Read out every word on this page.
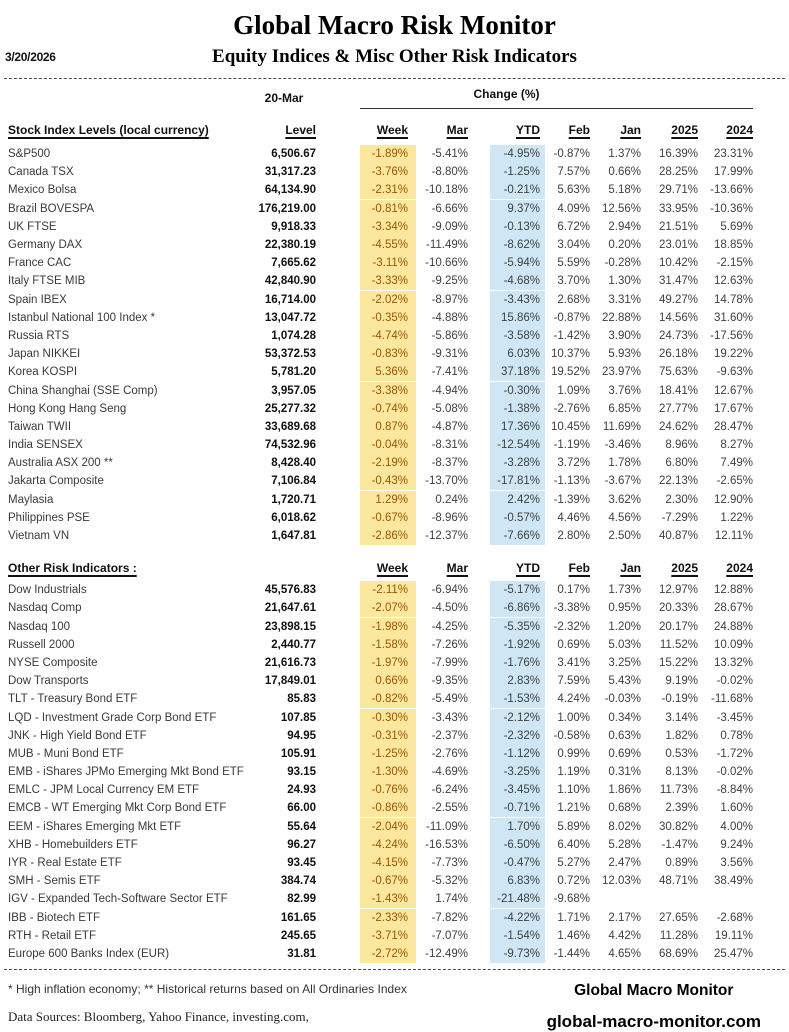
3/20/2026
Global Macro Risk Monitor
Equity Indices & Misc Other Risk Indicators
20-Mar	Change (%)
Stock Index Levels (local currency)	Level	Week	Mar	YTD	Feb	Jan	2025	2024
S&P500	6,506.67	-1.89%	-5.41%	-4.95%	-0.87%	1.37%	16.39%	23.31%
Canada TSX	31,317.23	-3.76%	-8.80%	-1.25%	7.57%	0.66%	28.25%	17.99%
Mexico Bolsa	64,134.90	-2.31%	-10.18%	-0.21%	5.63%	5.18%	29.71%	-13.66%
Brazil BOVESPA	176,219.00	-0.81%	-6.66%	9.37%	4.09%	12.56%	33.95%	-10.36%
UK FTSE	9,918.33	-3.34%	-9.09%	-0.13%	6.72%	2.94%	21.51%	5.69%
Germany DAX	22,380.19	-4.55%	-11.49%	-8.62%	3.04%	0.20%	23.01%	18.85%
France CAC	7,665.62	-3.11%	-10.66%	-5.94%	5.59%	-0.28%	10.42%	-2.15%
Italy FTSE MIB	42,840.90	-3.33%	-9.25%	-4.68%	3.70%	1.30%	31.47%	12.63%
Spain IBEX	16,714.00	-2.02%	-8.97%	-3.43%	2.68%	3.31%	49.27%	14.78%
Istanbul National 100 Index *	13,047.72	-0.35%	-4.88%	15.86%	-0.87%	22.88%	14.56%	31.60%
Russia RTS	1,074.28	-4.74%	-5.86%	-3.58%	-1.42%	3.90%	24.73%	-17.56%
Japan NIKKEI	53,372.53	-0.83%	-9.31%	6.03% 10.37%	5.93%	26.18%	19.22%
Korea KOSPI	5,781.20	5.36%	-7.41%	37.18% 19.52%	23.97%	75.63%	-9.63%
China Shanghai (SSE Comp)	3,957.05	-3.38%	-4.94%	-0.30%	1.09%	3.76%	18.41%	12.67%
Hong Kong Hang Seng	25,277.32	-0.74%	-5.08%	-1.38%	-2.76%	6.85%	27.77%	17.67%
Taiwan TWII	33,689.68	0.87%	-4.87%	17.36% 10.45%	11.69%	24.62%	28.47%
India SENSEX	74,532.96	-0.04%	-8.31%	-12.54%	-1.19%	-3.46%	8.96%	8.27%
Australia ASX 200 **	8,428.40	-2.19%	-8.37%	-3.28%	3.72%	1.78%	6.80%	7.49%
Jakarta Composite	7,106.84	-0.43%	-13.70%	-17.81%	-1.13%	-3.67%	22.13%	-2.65%
Maylasia	1,720.71	1.29%	0.24%	2.42%	-1.39%	3.62%	2.30%	12.90%
Philippines PSE	6,018.62	-0.67%	-8.96%	-0.57%	4.46%	4.56%	-7.29%	1.22%
Vietnam VN	1,647.81	-2.86%	-12.37%	-7.66%	2.80%	2.50%	40.87%	12.11%
Other Risk Indicators :	Week	Mar	YTD	Feb	Jan	2025	2024
Dow Industrials	45,576.83	-2.11%	-6.94%	-5.17%	0.17%	1.73%	12.97%	12.88%
Nasdaq Comp	21,647.61	-2.07%	-4.50%	-6.86%	-3.38%	0.95%	20.33%	28.67%
Nasdaq 100	23,898.15	-1.98%	-4.25%	-5.35%	-2.32%	1.20%	20.17%	24.88%
Russell 2000	2,440.77	-1.58%	-7.26%	-1.92%	0.69%	5.03%	11.52%	10.09%
NYSE Composite	21,616.73	-1.97%	-7.99%	-1.76%	3.41%	3.25%	15.22%	13.32%
Dow Transports	17,849.01	0.66%	-9.35%	2.83%	7.59%	5.43%	9.19%	-0.02%
TLT - Treasury Bond ETF	85.83	-0.82%	-5.49%	-1.53%	4.24%	-0.03%	-0.19%	-11.68%
LQD - Investment Grade Corp Bond ETF	107.85	-0.30%	-3.43%	-2.12%	1.00%	0.34%	3.14%	-3.45%
JNK - High Yield Bond ETF	94.95	-0.31%	-2.37%	-2.32%	-0.58%	0.63%	1.82%	0.78%
MUB - Muni Bond ETF	105.91	-1.25%	-2.76%	-1.12%	0.99%	0.69%	0.53%	-1.72%
EMB - iShares JPMo Emerging Mkt Bond ETF	93.15	-1.30%	-4.69%	-3.25%	1.19%	0.31%	8.13%	-0.02%
EMLC - JPM Local Currency EM ETF	24.93	-0.76%	-6.24%	-3.45%	1.10%	1.86%	11.73%	-8.84%
EMCB - WT Emerging Mkt Corp Bond ETF	66.00	-0.86%	-2.55%	-0.71%	1.21%	0.68%	2.39%	1.60%
EEM - iShares Emerging Mkt ETF	55.64	-2.04%	-11.09%	1.70%	5.89%	8.02%	30.82%	4.00%
XHB - Homebuilders ETF	96.27	-4.24%	-16.53%	-6.50%	6.40%	5.28%	-1.47%	9.24%
IYR - Real Estate ETF	93.45	-4.15%	-7.73%	-0.47%	5.27%	2.47%	0.89%	3.56%
SMH - Semis ETF	384.74	-0.67%	-5.32%	6.83%	0.72%	12.03%	48.71%	38.49%
IGV - Expanded Tech-Software Sector ETF	82.99	-1.43%	1.74%	-21.48%	-9.68%
IBB - Biotech ETF	161.65	-2.33%	-7.82%	-4.22%	1.71%	2.17%	27.65%	-2.68%
RTH - Retail ETF	245.65	-3.71%	-7.07%	-1.54%	1.46%	4.42%	11.28%	19.11%
Europe 600 Banks Index (EUR)	31.81	-2.72%	-12.49%	-9.73%	-1.44%	4.65%	68.69%	25.47%
* High inflation economy; ** Historical returns based on All Ordinaries Index
Data Sources: Bloomberg, Yahoo Finance, investing.com,
Global Macro Monitor
global-macro-monitor.com
